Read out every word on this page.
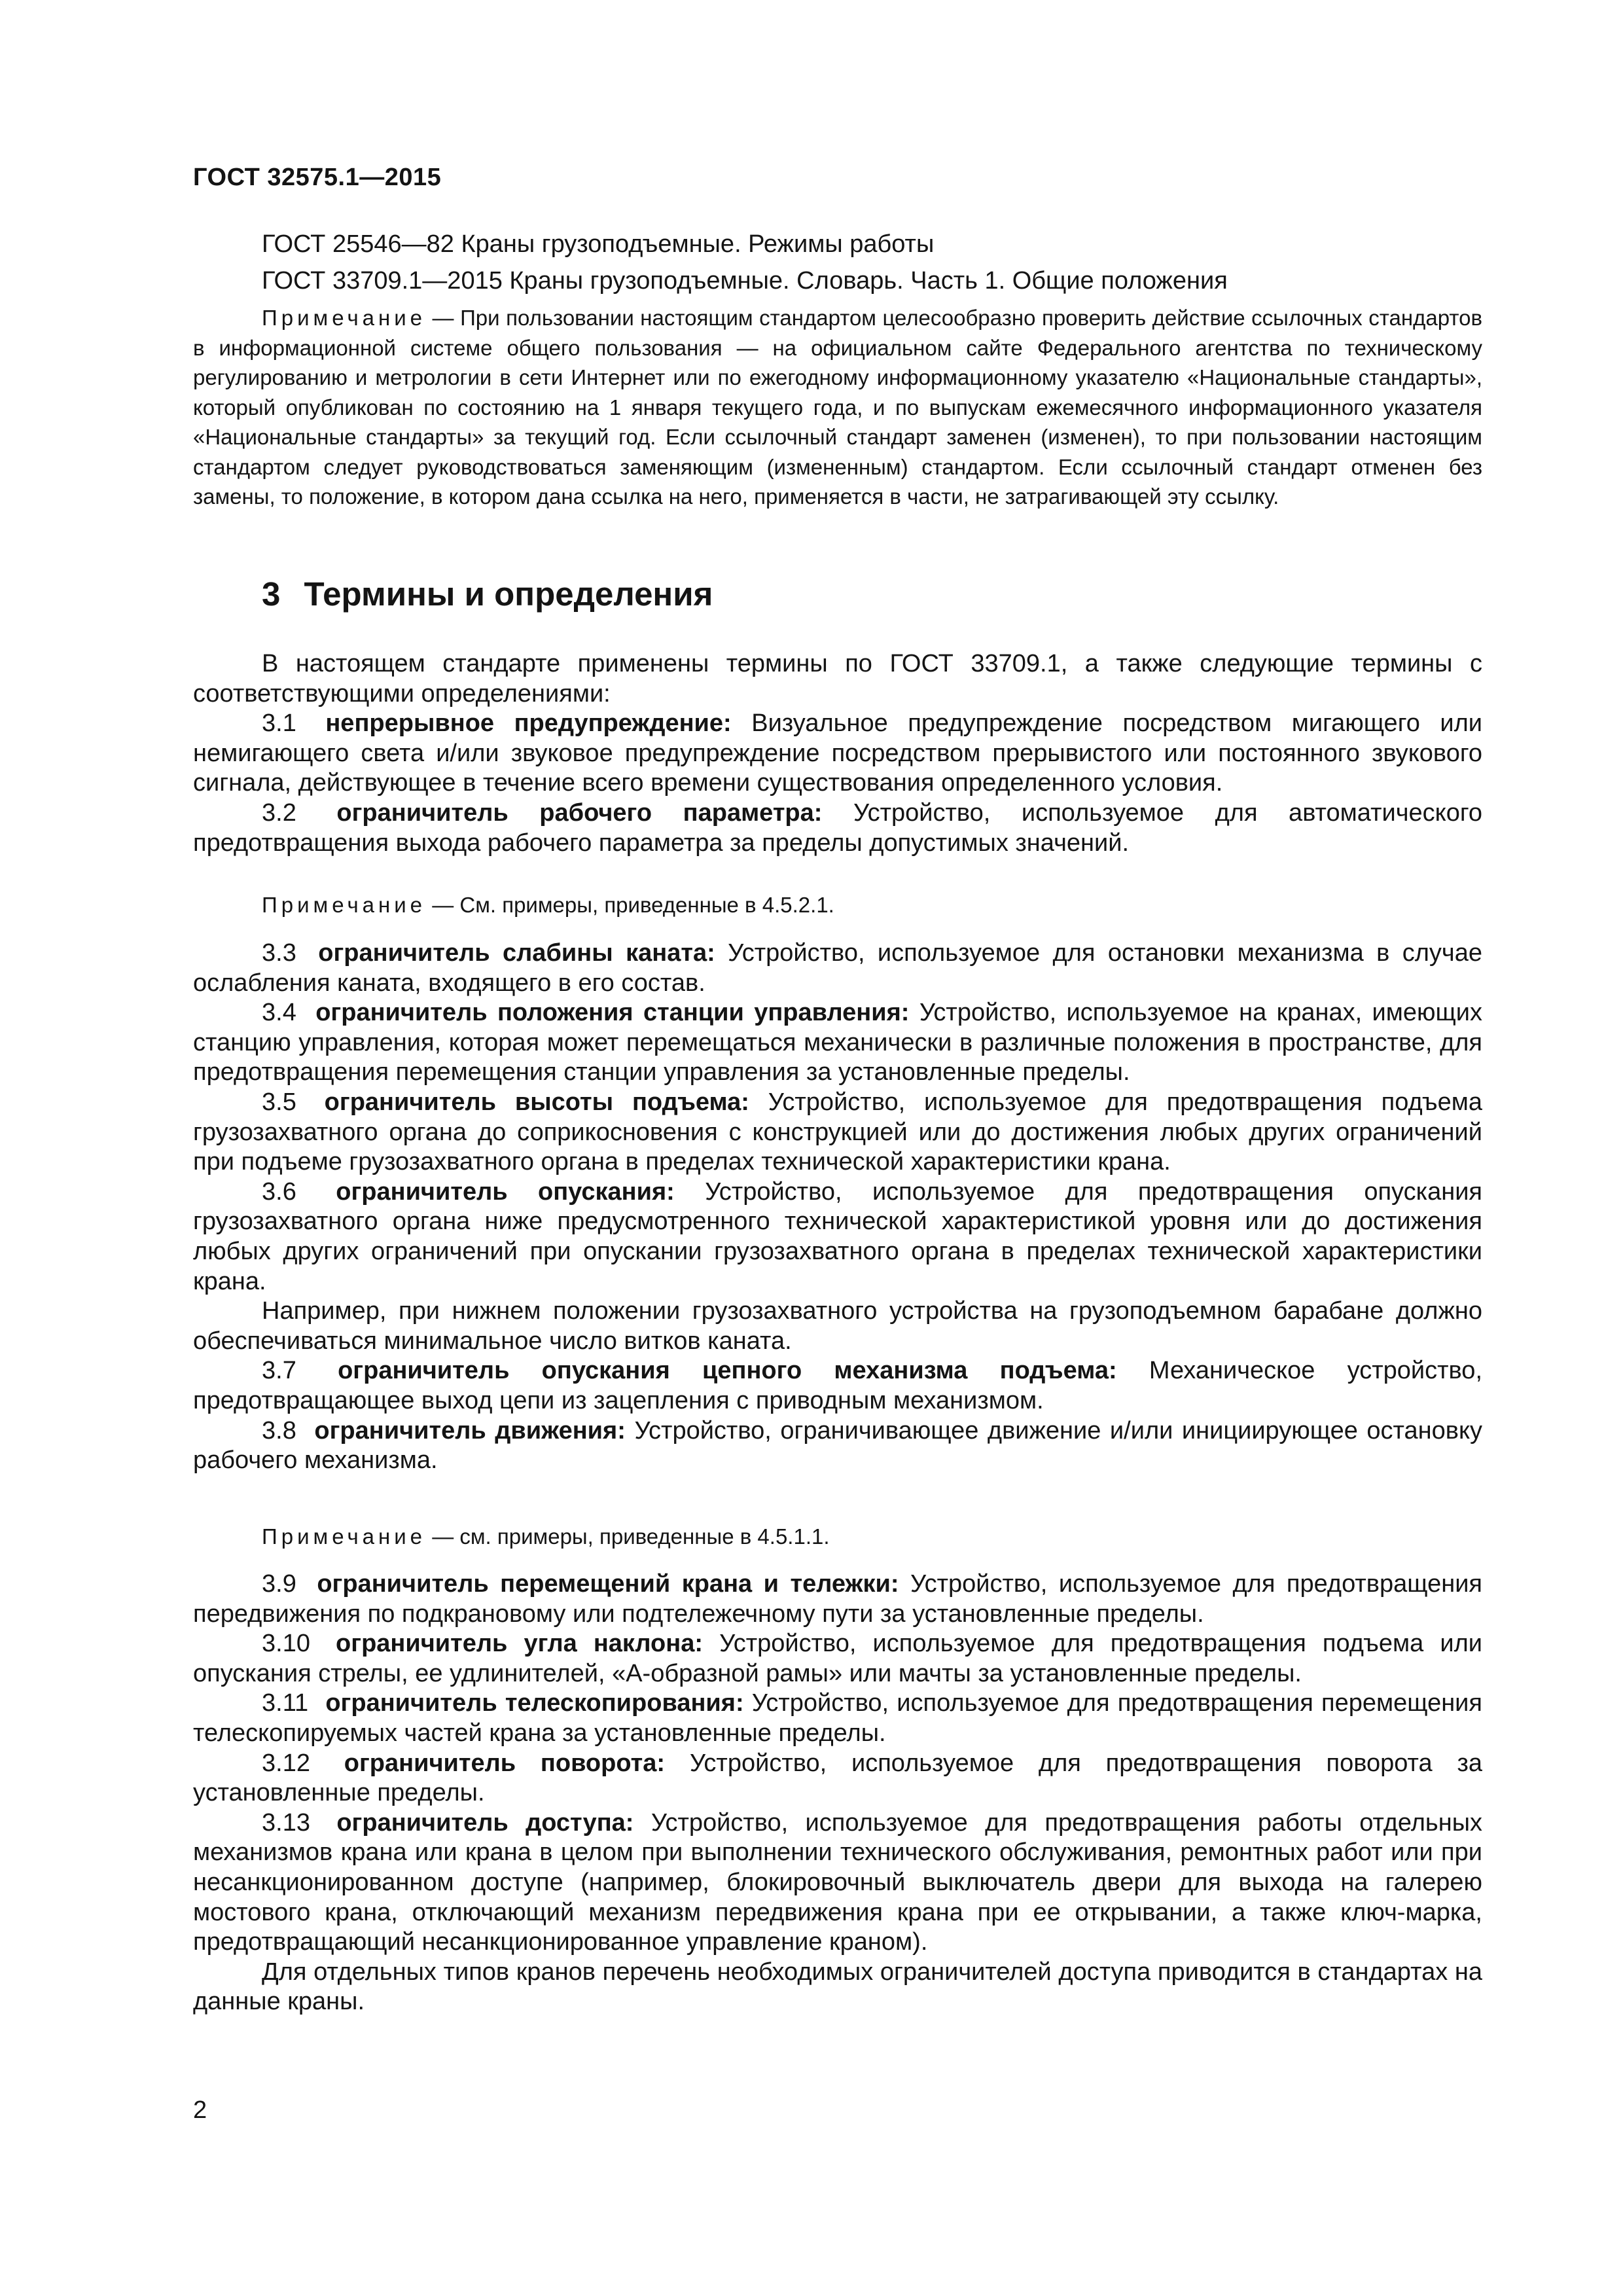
ГОСТ 32575.1—2015
ГОСТ 25546—82 Краны грузоподъемные. Режимы работы
ГОСТ 33709.1—2015 Краны грузоподъемные. Словарь. Часть 1. Общие положения
Примечание — При пользовании настоящим стандартом целесообразно проверить действие ссылочных стандартов в информационной системе общего пользования — на официальном сайте Федерального агентства по техническому регулированию и метрологии в сети Интернет или по ежегодному информационному указателю «Национальные стандарты», который опубликован по состоянию на 1 января текущего года, и по выпускам ежемесячного информационного указателя «Национальные стандарты» за текущий год. Если ссылочный стандарт заменен (изменен), то при пользовании настоящим стандартом следует руководствоваться заменяющим (измененным) стандартом. Если ссылочный стандарт отменен без замены, то положение, в котором дана ссылка на него, применяется в части, не затрагивающей эту ссылку.
3 Термины и определения

В настоящем стандарте применены термины по ГОСТ 33709.1, а также следующие термины с соответствующими определениями:

3.1 непрерывное предупреждение: Визуальное предупреждение посредством мигающего или немигающего света и/или звуковое предупреждение посредством прерывистого или постоянного звукового сигнала, действующее в течение всего времени существования определенного условия.

3.2 ограничитель рабочего параметра: Устройство, используемое для автоматического предотвращения выхода рабочего параметра за пределы допустимых значений.

Примечание — См. примеры, приведенные в 4.5.2.1.

3.3 ограничитель слабины каната: Устройство, используемое для остановки механизма в случае ослабления каната, входящего в его состав.

3.4 ограничитель положения станции управления: Устройство, используемое на кранах, имеющих станцию управления, которая может перемещаться механически в различные положения в пространстве, для предотвращения перемещения станции управления за установленные пределы.

3.5 ограничитель высоты подъема: Устройство, используемое для предотвращения подъема грузозахватного органа до соприкосновения с конструкцией или до достижения любых других ограничений при подъеме грузозахватного органа в пределах технической характеристики крана.

3.6 ограничитель опускания: Устройство, используемое для предотвращения опускания грузозахватного органа ниже предусмотренного технической характеристикой уровня или до достижения любых других ограничений при опускании грузозахватного органа в пределах технической характеристики крана.

Например, при нижнем положении грузозахватного устройства на грузоподъемном барабане должно обеспечиваться минимальное число витков каната.

3.7 ограничитель опускания цепного механизма подъема: Механическое устройство, предотвращающее выход цепи из зацепления с приводным механизмом.

3.8 ограничитель движения: Устройство, ограничивающее движение и/или инициирующее остановку рабочего механизма.

Примечание — см. примеры, приведенные в 4.5.1.1.

3.9 ограничитель перемещений крана и тележки: Устройство, используемое для предотвращения передвижения по подкрановому или подтележечному пути за установленные пределы.

3.10 ограничитель угла наклона: Устройство, используемое для предотвращения подъема или опускания стрелы, ее удлинителей, «А-образной рамы» или мачты за установленные пределы.

3.11 ограничитель телескопирования: Устройство, используемое для предотвращения перемещения телескопируемых частей крана за установленные пределы.

3.12 ограничитель поворота: Устройство, используемое для предотвращения поворота за установленные пределы.

3.13 ограничитель доступа: Устройство, используемое для предотвращения работы отдельных механизмов крана или крана в целом при выполнении технического обслуживания, ремонтных работ или при несанкционированном доступе (например, блокировочный выключатель двери для выхода на галерею мостового крана, отключающий механизм передвижения крана при ее открывании, а также ключ-марка, предотвращающий несанкционированное управление краном).

Для отдельных типов кранов перечень необходимых ограничителей доступа приводится в стандартах на данные краны.

2
